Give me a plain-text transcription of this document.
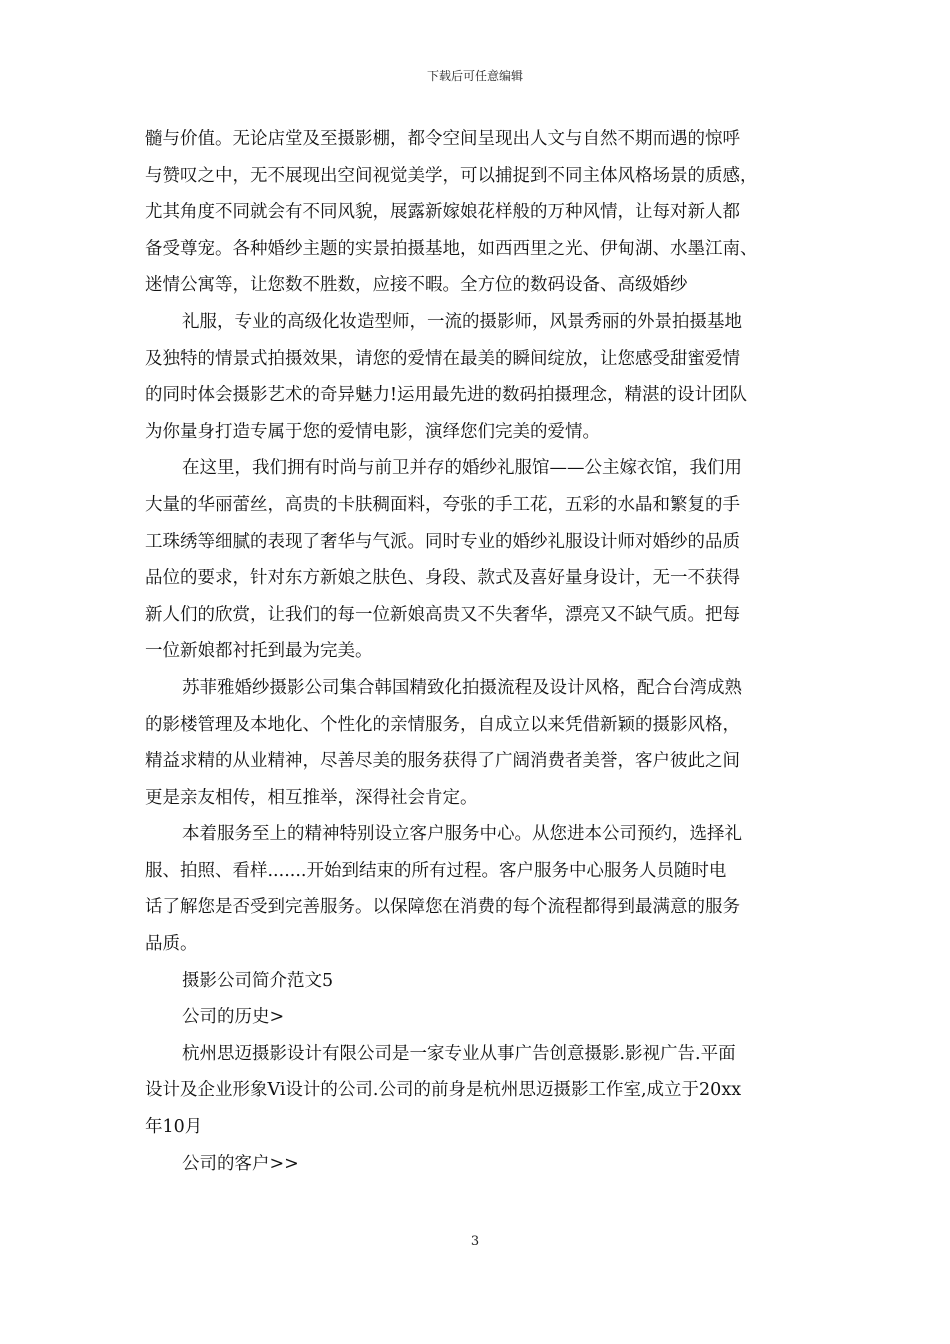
下载后可任意编辑
髓与价值。无论店堂及至摄影棚，都令空间呈现出人文与自然不期而遇的惊呼
与赞叹之中，无不展现出空间视觉美学，可以捕捉到不同主体风格场景的质感，
尤其角度不同就会有不同风貌，展露新嫁娘花样般的万种风情，让每对新人都
备受尊宠。各种婚纱主题的实景拍摄基地，如西西里之光、伊甸湖、水墨江南、
迷情公寓等，让您数不胜数，应接不暇。全方位的数码设备、高级婚纱
礼服，专业的高级化妆造型师，一流的摄影师，风景秀丽的外景拍摄基地
及独特的情景式拍摄效果，请您的爱情在最美的瞬间绽放，让您感受甜蜜爱情
的同时体会摄影艺术的奇异魅力!运用最先进的数码拍摄理念，精湛的设计团队
为你量身打造专属于您的爱情电影，演绎您们完美的爱情。
在这里，我们拥有时尚与前卫并存的婚纱礼服馆——公主嫁衣馆，我们用
大量的华丽蕾丝，高贵的卡肤稠面料，夸张的手工花，五彩的水晶和繁复的手
工珠绣等细腻的表现了奢华与气派。同时专业的婚纱礼服设计师对婚纱的品质
品位的要求，针对东方新娘之肤色、身段、款式及喜好量身设计，无一不获得
新人们的欣赏，让我们的每一位新娘高贵又不失奢华，漂亮又不缺气质。把每
一位新娘都衬托到最为完美。
苏菲雅婚纱摄影公司集合韩国精致化拍摄流程及设计风格，配合台湾成熟
的影楼管理及本地化、个性化的亲情服务，自成立以来凭借新颖的摄影风格，
精益求精的从业精神，尽善尽美的服务获得了广阔消费者美誉，客户彼此之间
更是亲友相传，相互推举，深得社会肯定。
本着服务至上的精神特别设立客户服务中心。从您进本公司预约，选择礼
服、拍照、看样.......开始到结束的所有过程。客户服务中心服务人员随时电
话了解您是否受到完善服务。以保障您在消费的每个流程都得到最满意的服务
品质。
摄影公司简介范文5
公司的历史>
杭州思迈摄影设计有限公司是一家专业从事广告创意摄影.影视广告.平面
设计及企业形象Vi设计的公司.公司的前身是杭州思迈摄影工作室,成立于20xx
年10月
公司的客户>>
3
